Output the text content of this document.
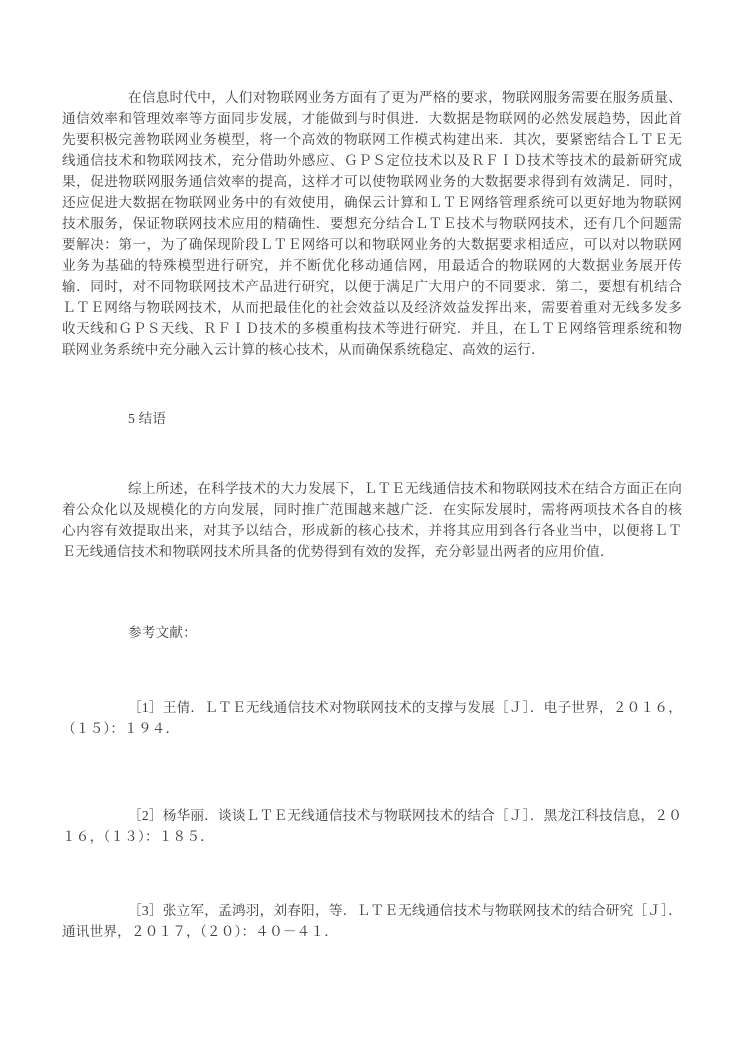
在信息时代中，人们对物联网业务方面有了更为严格的要求，物联网服务需要在服务质量、通信效率和管理效率等方面同步发展，才能做到与时俱进．大数据是物联网的必然发展趋势，因此首先要积极完善物联网业务模型，将一个高效的物联网工作模式构建出来．其次，要紧密结合ＬＴＥ无线通信技术和物联网技术，充分借助外感应、ＧＰＳ定位技术以及ＲＦＩＤ技术等技术的最新研究成果，促进物联网服务通信效率的提高，这样才可以使物联网业务的大数据要求得到有效满足．同时，还应促进大数据在物联网业务中的有效使用，确保云计算和ＬＴＥ网络管理系统可以更好地为物联网技术服务，保证物联网技术应用的精确性．要想充分结合ＬＴＥ技术与物联网技术，还有几个问题需要解决：第一，为了确保现阶段ＬＴＥ网络可以和物联网业务的大数据要求相适应，可以对以物联网业务为基础的特殊模型进行研究，并不断优化移动通信网，用最适合的物联网的大数据业务展开传输．同时，对不同物联网技术产品进行研究，以便于满足广大用户的不同要求．第二，要想有机结合ＬＴＥ网络与物联网技术，从而把最佳化的社会效益以及经济效益发挥出来，需要着重对无线多发多收天线和ＧＰＳ天线、ＲＦＩＤ技术的多模重构技术等进行研究．并且，在ＬＴＥ网络管理系统和物联网业务系统中充分融入云计算的核心技术，从而确保系统稳定、高效的运行．

5 结语

综上所述，在科学技术的大力发展下，ＬＴＥ无线通信技术和物联网技术在结合方面正在向着公众化以及规模化的方向发展，同时推广范围越来越广泛．在实际发展时，需将两项技术各自的核心内容有效提取出来，对其予以结合，形成新的核心技术，并将其应用到各行各业当中，以便将ＬＴＥ无线通信技术和物联网技术所具备的优势得到有效的发挥，充分彰显出两者的应用价值．

参考文献：

［1］王倩．ＬＴＥ无线通信技术对物联网技术的支撑与发展［Ｊ］．电子世界，２０１６，（１５）：１９４．

［2］杨华丽．谈谈ＬＴＥ无线通信技术与物联网技术的结合［Ｊ］．黑龙江科技信息，２０１６，（１３）：１８５．

［3］张立军，孟鸿羽，刘春阳，等．ＬＴＥ无线通信技术与物联网技术的结合研究［Ｊ］．通讯世界，２０１７，（２０）：４０－４１．
